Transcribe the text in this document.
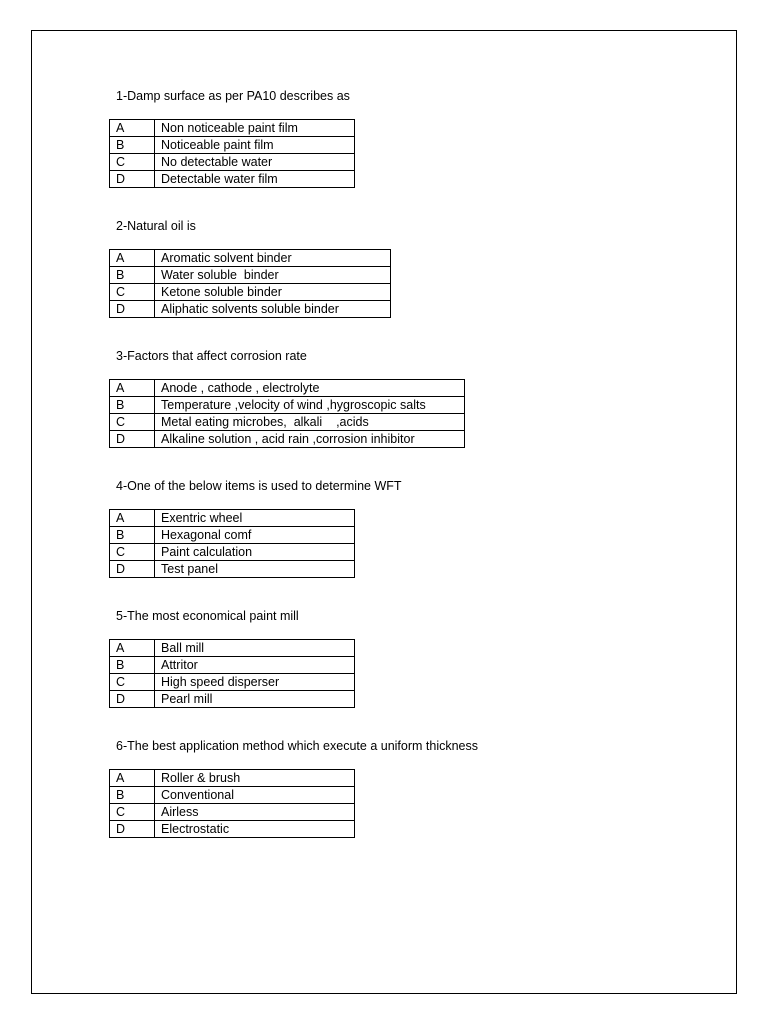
1-Damp surface as per PA10 describes as
A	Non noticeable paint film
B	Noticeable paint film
C	No detectable water
D	Detectable water film
2-Natural oil is
A	Aromatic solvent binder
B	Water soluble  binder
C	Ketone soluble binder
D	Aliphatic solvents soluble binder
3-Factors that affect corrosion rate
A	Anode , cathode , electrolyte
B	Temperature ,velocity of wind ,hygroscopic salts
C	Metal eating microbes,  alkali    ,acids
D	Alkaline solution , acid rain ,corrosion inhibitor
4-One of the below items is used to determine WFT
A	Exentric wheel
B	Hexagonal comf
C	Paint calculation
D	Test panel
5-The most economical paint mill
A	Ball mill
B	Attritor
C	High speed disperser
D	Pearl mill
6-The best application method which execute a uniform thickness
A	Roller & brush
B	Conventional
C	Airless
D	Electrostatic
